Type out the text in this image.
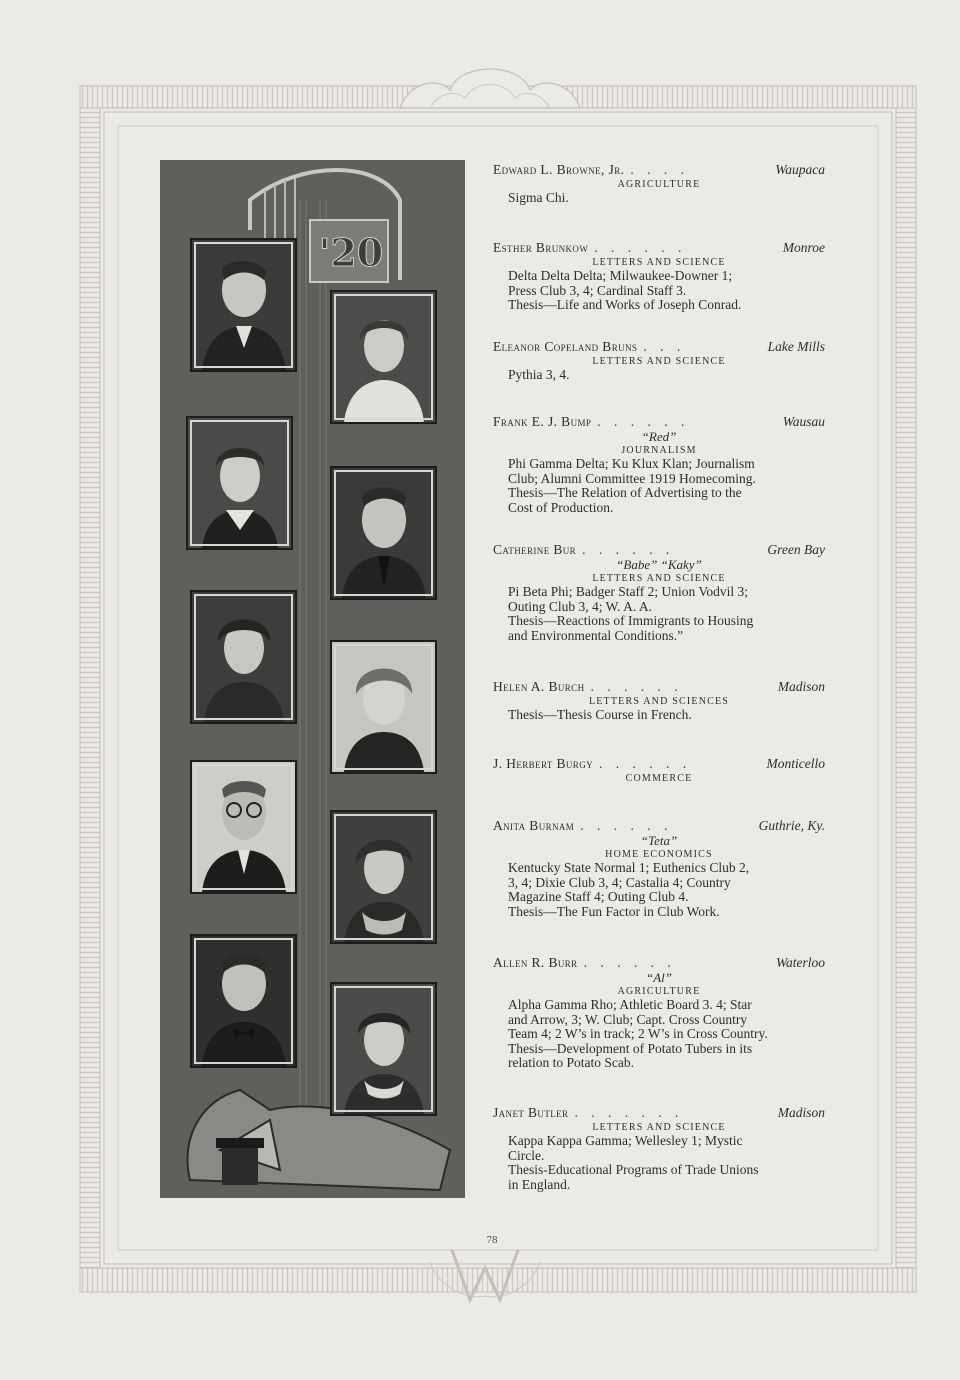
'20
Edward L. Browne, Jr. . . . .	Waupaca
AGRICULTURE
Sigma Chi.
Esther Brunkow . . . . . .	Monroe
LETTERS AND SCIENCE
Delta Delta Delta; Milwaukee-Downer 1;
Press Club 3, 4; Cardinal Staff 3.
Thesis—Life and Works of Joseph Conrad.
Eleanor Copeland Bruns . . .	Lake Mills
LETTERS AND SCIENCE
Pythia 3, 4.
Frank E. J. Bump . . . . . .	Wausau
“Red”
JOURNALISM
Phi Gamma Delta; Ku Klux Klan; Journalism
Club; Alumni Committee 1919 Homecoming.
Thesis—The Relation of Advertising to the
Cost of Production.
Catherine Bur . . . . . .	Green Bay
“Babe” “Kaky”
LETTERS AND SCIENCE
Pi Beta Phi; Badger Staff 2; Union Vodvil 3;
Outing Club 3, 4; W. A. A.
Thesis—Reactions of Immigrants to Housing
and Environmental Conditions.”
Helen A. Burch . . . . . .	Madison
LETTERS AND SCIENCES
Thesis—Thesis Course in French.
J. Herbert Burgy . . . . . .	Monticello
COMMERCE
Anita Burnam . . . . . .	Guthrie, Ky.
“Teta”
HOME ECONOMICS
Kentucky State Normal 1; Euthenics Club 2,
3, 4; Dixie Club 3, 4; Castalia 4; Country
Magazine Staff 4; Outing Club 4.
Thesis—The Fun Factor in Club Work.
Allen R. Burr . . . . . .	Waterloo
“Al”
AGRICULTURE
Alpha Gamma Rho; Athletic Board 3. 4; Star
and Arrow, 3; W. Club; Capt. Cross Country
Team 4; 2 W’s in track; 2 W’s in Cross Country.
Thesis—Development of Potato Tubers in its
relation to Potato Scab.
Janet Butler . . . . . . .	Madison
LETTERS AND SCIENCE
Kappa Kappa Gamma; Wellesley 1; Mystic
Circle.
Thesis-Educational Programs of Trade Unions
in England.
78
